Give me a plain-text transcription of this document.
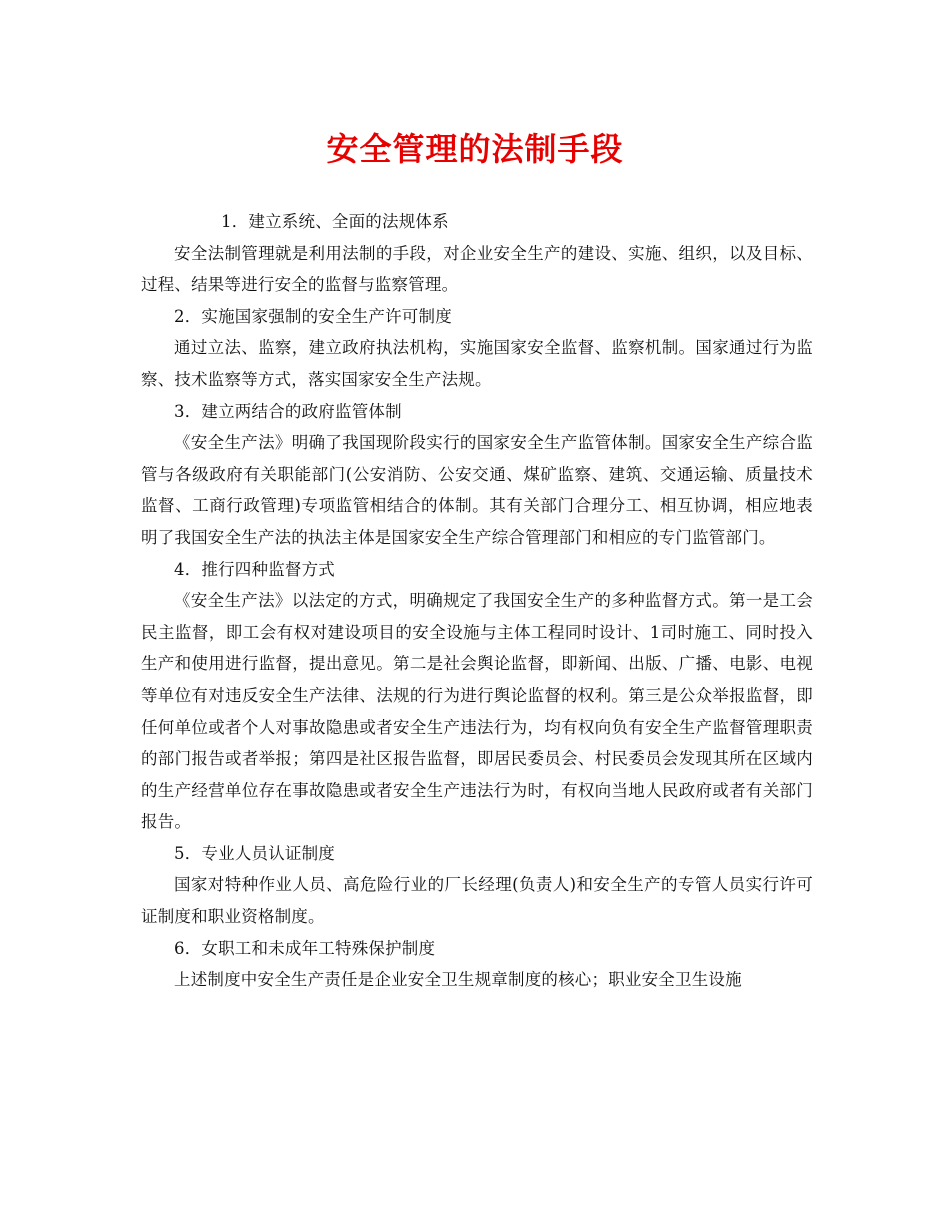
安全管理的法制手段

1．建立系统、全面的法规体系

安全法制管理就是利用法制的手段，对企业安全生产的建设、实施、组织，以及目标、过程、结果等进行安全的监督与监察管理。

2．实施国家强制的安全生产许可制度

通过立法、监察，建立政府执法机构，实施国家安全监督、监察机制。国家通过行为监察、技术监察等方式，落实国家安全生产法规。

3．建立两结合的政府监管体制

《安全生产法》明确了我国现阶段实行的国家安全生产监管体制。国家安全生产综合监管与各级政府有关职能部门(公安消防、公安交通、煤矿监察、建筑、交通运输、质量技术监督、工商行政管理)专项监管相结合的体制。其有关部门合理分工、相互协调，相应地表明了我国安全生产法的执法主体是国家安全生产综合管理部门和相应的专门监管部门。

4．推行四种监督方式

《安全生产法》以法定的方式，明确规定了我国安全生产的多种监督方式。第一是工会民主监督，即工会有权对建设项目的安全设施与主体工程同时设计、1司时施工、同时投入生产和使用进行监督，提出意见。第二是社会舆论监督，即新闻、出版、广播、电影、电视等单位有对违反安全生产法律、法规的行为进行舆论监督的权利。第三是公众举报监督，即任何单位或者个人对事故隐患或者安全生产违法行为，均有权向负有安全生产监督管理职责的部门报告或者举报；第四是社区报告监督，即居民委员会、村民委员会发现其所在区域内的生产经营单位存在事故隐患或者安全生产违法行为时，有权向当地人民政府或者有关部门报告。

5．专业人员认证制度

国家对特种作业人员、高危险行业的厂长经理(负责人)和安全生产的专管人员实行许可证制度和职业资格制度。

6．女职工和未成年工特殊保护制度

上述制度中安全生产责任是企业安全卫生规章制度的核心；职业安全卫生设施
